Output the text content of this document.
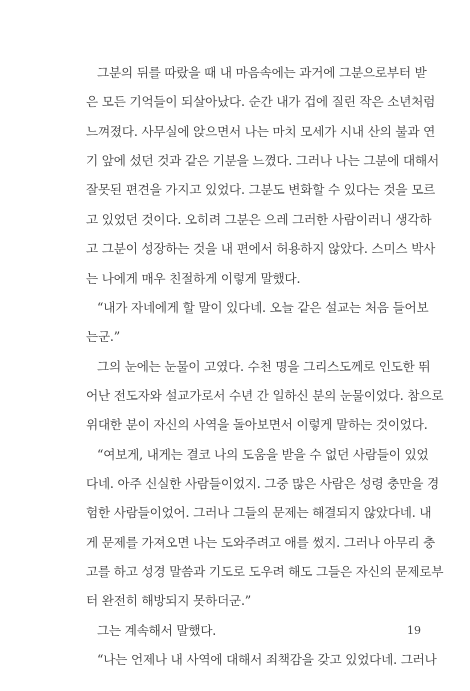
그분의 뒤를 따랐을 때 내 마음속에는 과거에 그분으로부터 받
은 모든 기억들이 되살아났다. 순간 내가 겁에 질린 작은 소년처럼
느껴졌다. 사무실에 앉으면서 나는 마치 모세가 시내 산의 불과 연
기 앞에 섰던 것과 같은 기분을 느꼈다. 그러나 나는 그분에 대해서
잘못된 편견을 가지고 있었다. 그분도 변화할 수 있다는 것을 모르
고 있었던 것이다. 오히려 그분은 으레 그러한 사람이러니 생각하
고 그분이 성장하는 것을 내 편에서 허용하지 않았다. 스미스 박사
는 나에게 매우 친절하게 이렇게 말했다.
“내가 자네에게 할 말이 있다네. 오늘 같은 설교는 처음 들어보
는군.”
그의 눈에는 눈물이 고였다. 수천 명을 그리스도께로 인도한 뛰
어난 전도자와 설교가로서 수년 간 일하신 분의 눈물이었다. 참으로
위대한 분이 자신의 사역을 돌아보면서 이렇게 말하는 것이었다.
“여보게, 내게는 결코 나의 도움을 받을 수 없던 사람들이 있었
다네. 아주 신실한 사람들이었지. 그중 많은 사람은 성령 충만을 경
험한 사람들이었어. 그러나 그들의 문제는 해결되지 않았다네. 내
게 문제를 가져오면 나는 도와주려고 애를 썼지. 그러나 아무리 충
고를 하고 성경 말씀과 기도로 도우려 해도 그들은 자신의 문제로부
터 완전히 해방되지 못하더군.”
그는 계속해서 말했다.
“나는 언제나 내 사역에 대해서 죄책감을 갖고 있었다네. 그러나
19
